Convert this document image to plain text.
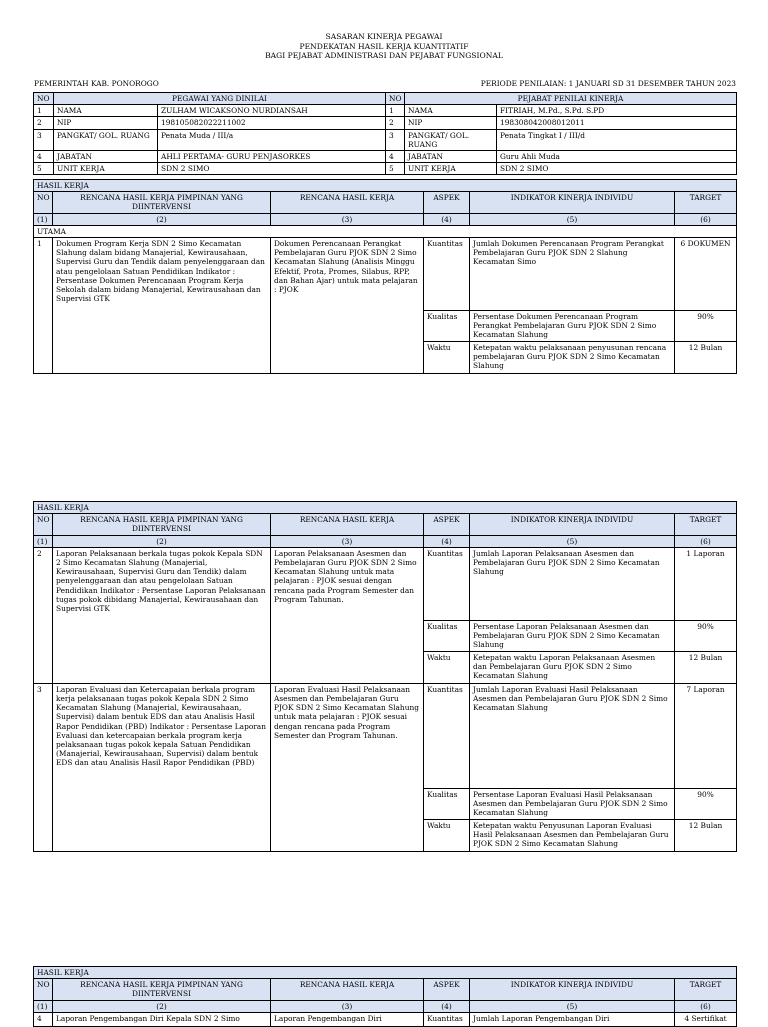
SASARAN KINERJA PEGAWAI
PENDEKATAN HASIL KERJA KUANTITATIF
BAGI PEJABAT ADMINISTRASI DAN PEJABAT FUNGSIONAL
PEMERINTAH KAB. PONOROGO	PERIODE PENILAIAN: 1 JANUARI SD 31 DESEMBER TAHUN 2023
NO	PEGAWAI YANG DINILAI		NO	PEJABAT PENILAI KINERJA	
1	NAMA	ZULHAM WICAKSONO NURDIANSAH	1	NAMA	FITRIAH, M.Pd., S.Pd. S.PD
2	NIP	198105082022211002	2	NIP	198308042008012011
3	PANGKAT/ GOL. RUANG	Penata Muda / III/a	3	PANGKAT/ GOL. RUANG	Penata Tingkat I / III/d
4	JABATAN	AHLI PERTAMA- GURU PENJASORKES	4	JABATAN	Guru Ahli Muda
5	UNIT KERJA	SDN 2 SIMO	5	UNIT KERJA	SDN 2 SIMO
HASIL KERJA					
NO	RENCANA HASIL KERJA PIMPINAN YANG DIINTERVENSI	RENCANA HASIL KERJA	ASPEK	INDIKATOR KINERJA INDIVIDU	TARGET
(1)	(2)	(3)	(4)	(5)	(6)
UTAMA					
1	Dokumen Program Kerja SDN 2 Simo Kecamatan Slahung dalam bidang Manajerial, Kewirausahaan, Supervisi Guru dan Tendik dalam penyelenggaraan dan atau pengelolaan Satuan Pendidikan Indikator : Persentase Dokumen Perencanaan Program Kerja Sekolah dalam bidang Manajerial, Kewirausahaan dan Supervisi GTK	Dokumen Perencanaan Perangkat Pembelajaran Guru PJOK SDN 2 Simo Kecamatan Slahung (Analisis Minggu Efektif, Prota, Promes, Silabus, RPP, dan Bahan Ajar) untuk mata pelajaran : PJOK	Kuantitas	Jumlah Dokumen Perencanaan Program Perangkat Pembelajaran Guru PJOK SDN 2 Slahung Kecamatan Simo	6 DOKUMEN
			Kualitas	Persentase Dokumen Perencanaan Program Perangkat Pembelajaran Guru PJOK SDN 2 Simo Kecamatan Slahung	90%
			Waktu	Ketepatan waktu pelaksanaan penyusunan rencana pembelajaran Guru PJOK SDN 2 Simo Kecamatan Slahung	12 Bulan
HASIL KERJA					
NO	RENCANA HASIL KERJA PIMPINAN YANG DIINTERVENSI	RENCANA HASIL KERJA	ASPEK	INDIKATOR KINERJA INDIVIDU	TARGET
(1)	(2)	(3)	(4)	(5)	(6)
2	Laporan Pelaksanaan berkala tugas pokok Kepala SDN 2 Simo Kecamatan Slahung (Manajerial, Kewirausahaan, Supervisi Guru dan Tendik) dalam penyelenggaraan dan atau pengelolaan Satuan Pendidikan Indikator : Persentase Laporan Pelaksanaan tugas pokok dibidang Manajerial, Kewirausahaan dan Supervisi GTK	Laporan Pelaksanaan Asesmen dan Pembelajaran Guru PJOK SDN 2 Simo Kecamatan Slahung untuk mata pelajaran : PJOK sesuai dengan rencana pada Program Semester dan Program Tahunan.	Kuantitas	Jumlah Laporan Pelaksanaan Asesmen dan Pembelajaran Guru PJOK SDN 2 Simo Kecamatan Slahung	1 Laporan
			Kualitas	Persentase Laporan Pelaksanaan Asesmen dan Pembelajaran Guru PJOK SDN 2 Simo Kecamatan Slahung	90%
			Waktu	Ketepatan waktu Laporan Pelaksanaan Asesmen dan Pembelajaran Guru PJOK SDN 2 Simo Kecamatan Slahung	12 Bulan
3	Laporan Evaluasi dan Ketercapaian berkala program kerja pelaksanaan tugas pokok Kepala SDN 2 Simo Kecamatan Slahung (Manajerial, Kewirausahaan, Supervisi) dalam bentuk EDS dan atau Analisis Hasil Rapor Pendidikan (PBD) Indikator : Persentase Laporan Evaluasi dan ketercapaian berkala program kerja pelaksanaan tugas pokok kepala Satuan Pendidikan (Manajerial, Kewirausahaan, Supervisi) dalam bentuk EDS dan atau Analisis Hasil Rapor Pendidikan (PBD)	Laporan Evaluasi Hasil Pelaksanaan Asesmen dan Pembelajaran Guru PJOK SDN 2 Simo Kecamatan Slahung untuk mata pelajaran : PJOK sesuai dengan rencana pada Program Semester dan Program Tahunan.	Kuantitas	Jumlah Laporan Evaluasi Hasil Pelaksanaan Asesmen dan Pembelajaran Guru PJOK SDN 2 Simo Kecamatan Slahung	7 Laporan
			Kualitas	Persentase Laporan Evaluasi Hasil Pelaksanaan Asesmen dan Pembelajaran Guru PJOK SDN 2 Simo Kecamatan Slahung	90%
			Waktu	Ketepatan waktu Penyusunan Laporan Evaluasi Hasil Pelaksanaan Asesmen dan Pembelajaran Guru PJOK SDN 2 Simo Kecamatan Slahung	12 Bulan
HASIL KERJA					
NO	RENCANA HASIL KERJA PIMPINAN YANG DIINTERVENSI	RENCANA HASIL KERJA	ASPEK	INDIKATOR KINERJA INDIVIDU	TARGET
(1)	(2)	(3)	(4)	(5)	(6)
4	Laporan Pengembangan Diri Kepala SDN 2 Simo	Laporan Pengembangan Diri	Kuantitas	Jumlah Laporan Pengembangan Diri	4 Sertifikat
